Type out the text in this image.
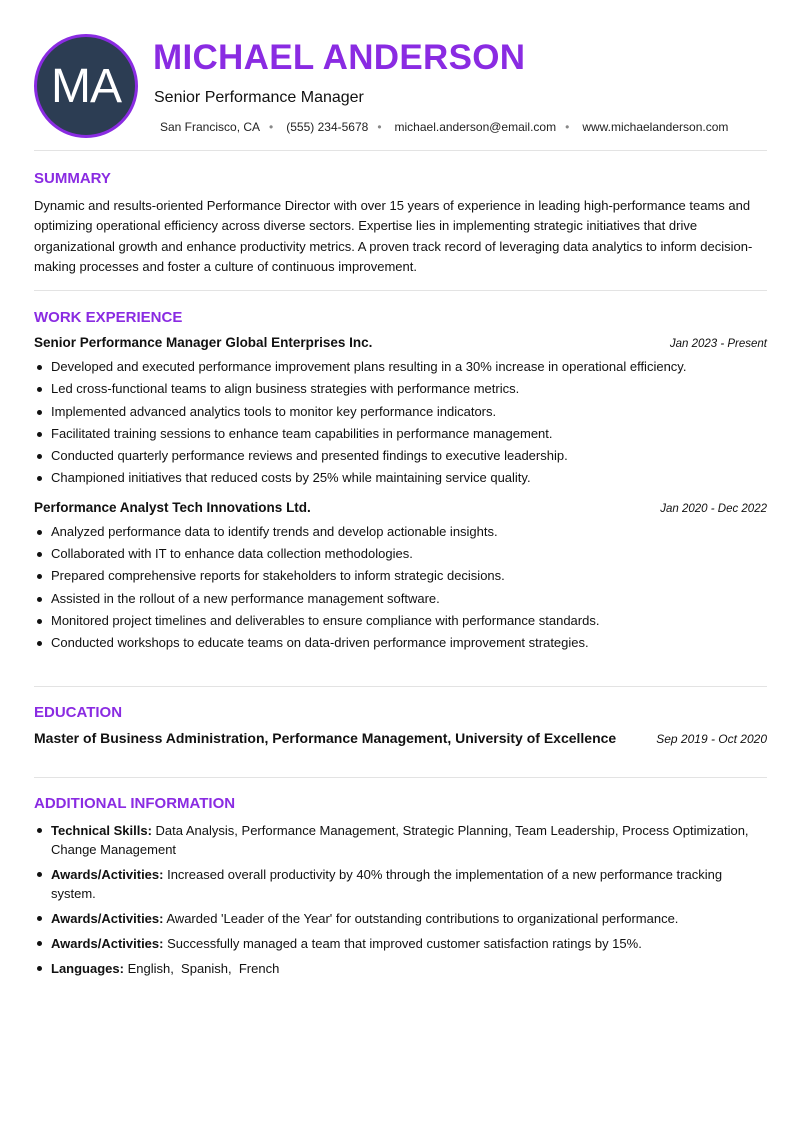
MA
MICHAEL ANDERSON
Senior Performance Manager
San Francisco, CA • (555) 234-5678 • michael.anderson@email.com • www.michaelanderson.com
SUMMARY

Dynamic and results-oriented Performance Director with over 15 years of experience in leading high-performance teams and optimizing operational efficiency across diverse sectors. Expertise lies in implementing strategic initiatives that drive organizational growth and enhance productivity metrics. A proven track record of leveraging data analytics to inform decision-making processes and foster a culture of continuous improvement.

WORK EXPERIENCE
Senior Performance Manager Global Enterprises Inc.	Jan 2023 - Present
Developed and executed performance improvement plans resulting in a 30% increase in operational efficiency.
Led cross-functional teams to align business strategies with performance metrics.
Implemented advanced analytics tools to monitor key performance indicators.
Facilitated training sessions to enhance team capabilities in performance management.
Conducted quarterly performance reviews and presented findings to executive leadership.
Championed initiatives that reduced costs by 25% while maintaining service quality.
Performance Analyst Tech Innovations Ltd.	Jan 2020 - Dec 2022
Analyzed performance data to identify trends and develop actionable insights.
Collaborated with IT to enhance data collection methodologies.
Prepared comprehensive reports for stakeholders to inform strategic decisions.
Assisted in the rollout of a new performance management software.
Monitored project timelines and deliverables to ensure compliance with performance standards.
Conducted workshops to educate teams on data-driven performance improvement strategies.
EDUCATION
Master of Business Administration, Performance Management, University of Excellence	Sep 2019 - Oct 2020
ADDITIONAL INFORMATION
Technical Skills: Data Analysis, Performance Management, Strategic Planning, Team Leadership, Process Optimization, Change Management
Awards/Activities: Increased overall productivity by 40% through the implementation of a new performance tracking system.
Awards/Activities: Awarded 'Leader of the Year' for outstanding contributions to organizational performance.
Awards/Activities: Successfully managed a team that improved customer satisfaction ratings by 15%.
Languages: English,  Spanish,  French
